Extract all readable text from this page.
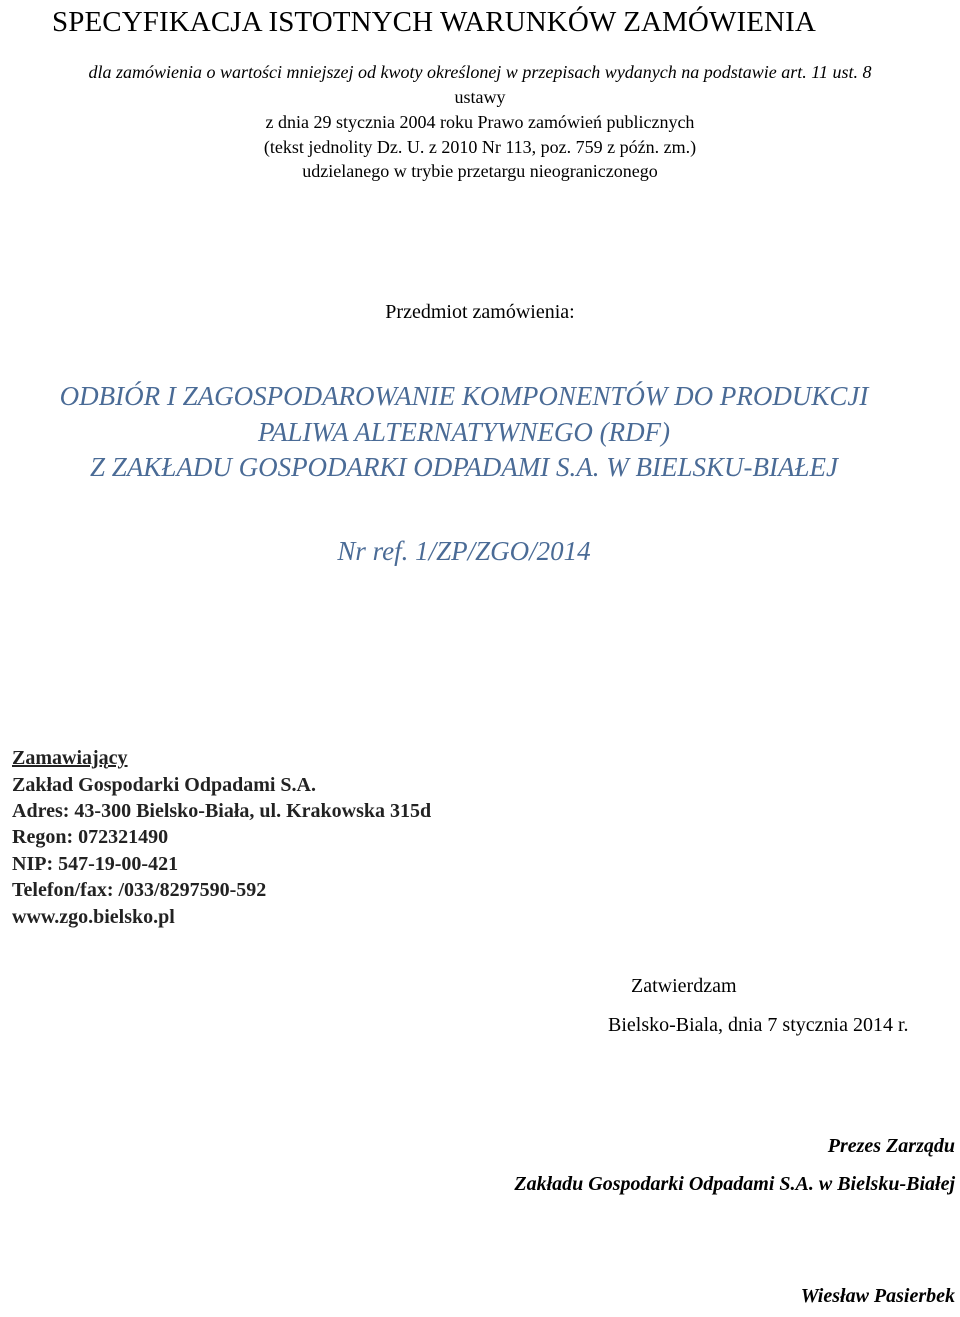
SPECYFIKACJA ISTOTNYCH WARUNKÓW ZAMÓWIENIA

dla zamówienia o wartości mniejszej od kwoty określonej w przepisach wydanych na podstawie art. 11 ust. 8

ustawy

z dnia 29 stycznia 2004 roku Prawo zamówień publicznych

(tekst jednolity Dz. U. z 2010 Nr 113, poz. 759 z późn. zm.)

udzielanego w trybie przetargu nieograniczonego

Przedmiot zamówienia:

ODBIÓR I ZAGOSPODAROWANIE KOMPONENTÓW DO PRODUKCJI

PALIWA ALTERNATYWNEGO (RDF)

Z ZAKŁADU GOSPODARKI ODPADAMI S.A. W BIELSKU-BIAŁEJ

Nr ref. 1/ZP/ZGO/2014

Zamawiający

Zakład Gospodarki Odpadami S.A.

Adres: 43-300 Bielsko-Biała, ul. Krakowska 315d

Regon: 072321490

NIP: 547-19-00-421

Telefon/fax: /033/8297590-592

www.zgo.bielsko.pl

Zatwierdzam

Bielsko-Biala, dnia 7 stycznia 2014 r.

Prezes Zarządu

Zakładu Gospodarki Odpadami S.A. w Bielsku-Białej

Wiesław Pasierbek
